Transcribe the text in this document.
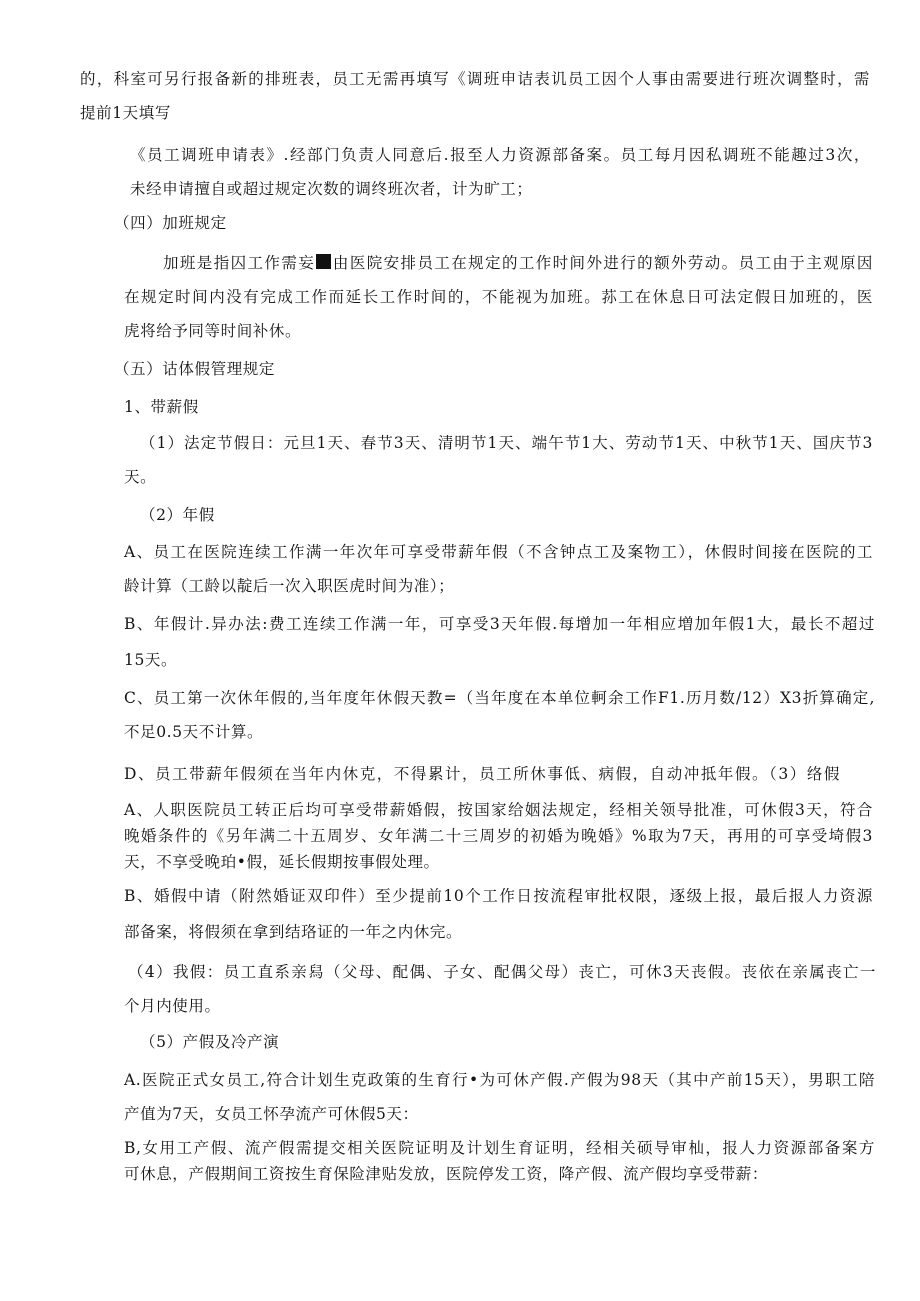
的，科室可另行报备新的排班表，员工无需再填写《调班申诘表讥员工因个人事由需要进行班次调整时，需
提前1天填写
《员工调班申请表》.经部门负责人同意后.报至人力资源部备案。员工每月因私调班不能趣过3次，
未经申请擅自或超过规定次数的调终班次者，计为旷工；
（四）加班规定
加班是指囚工作需妄 由医院安排员工在规定的工作时间外进行的额外劳动。员工由于主观原因
在规定时间内没有完成工作而延长工作时间的，不能视为加班。荪工在休息日可法定假日加班的，医
虎将给予同等时间补休。
（五）诂体假管理规定
1、带薪假
（1）法定节假日：元旦1天、春节3天、清明节1天、端午节1大、劳动节1天、中秋节1天、国庆节3
天。
（2）年假
A、员工在医院连续工作满一年次年可享受带薪年假（不含钟点工及案物工），休假时间接在医院的工
龄计算（工龄以靛后一次入职医虎时间为准）；
B、年假计.异办法:费工连续工作满一年，可享受3天年假.每增加一年相应増加年假1大，最长不超过
15天。
C、员工第一次休年假的,当年度年休假天教=（当年度在本单位軻余工作F1.历月数/12）X3折算确定,
不足0.5天不计算。
D、员工带薪年假须在当年内休克，不得累计，员工所休事低、病假，自动冲抵年假。（3）络假
A、人职医院员工转正后均可享受带薪婚假，按国家给姻法规定，经相关领导批准，可休假3天，符合
晚婚条件的《另年满二十五周岁、女年满二十三周岁的初婚为晚婚》%取为7天，再用的可享受埼假3
天，不享受晚珀•假，延长假期按事假处理。
B、婚假中请（附然婚证双印件）至少提前10个工作日按流程审批权限，逐级上报，最后报人力资源
部备案，将假须在拿到结珞证的一年之内休完。
（4）我假：员工直系亲舄（父母、配偶、子女、配偶父母）丧亡，可休3天丧假。丧依在亲属丧亡一
个月内使用。
（5）产假及冷产演
A.医院正式女员工,符合计划生克政策的生育行•为可休产假.产假为98天（其中产前15天），男职工陪
产值为7天，女员工怀孕流产可休假5天：
B,女用工产假、流产假需提交相关医院证明及计划生育证明，经相关硕导审杣，报人力资源部备案方
可休息，产假期间工资按生育保险津贴发放，医院停发工资，降产假、流产假均享受带薪：
